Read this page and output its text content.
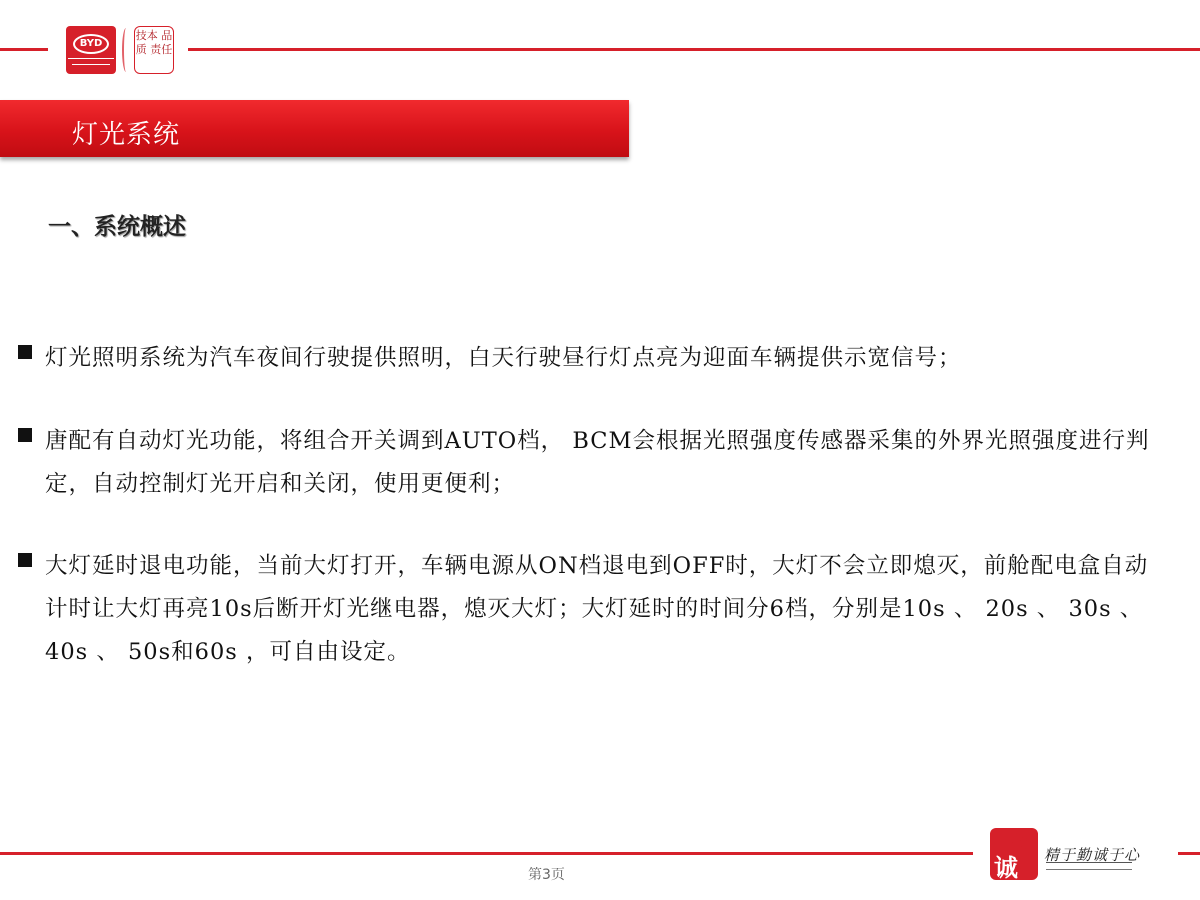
BYD
技本 品质 责任
灯光系统
一、系统概述
灯光照明系统为汽车夜间行驶提供照明，白天行驶昼行灯点亮为迎面车辆提供示宽信号；
唐配有自动灯光功能，将组合开关调到AUTO档， BCM会根据光照强度传感器采集的外界光照强度进行判定，自动控制灯光开启和关闭，使用更便利；
大灯延时退电功能，当前大灯打开，车辆电源从ON档退电到OFF时，大灯不会立即熄灭，前舱配电盒自动计时让大灯再亮10s后断开灯光继电器，熄灭大灯；大灯延时的时间分6档，分别是10s 、 20s 、 30s 、 40s 、 50s和60s ，可自由设定。
第3页
精
诚 精于勤诚于心
